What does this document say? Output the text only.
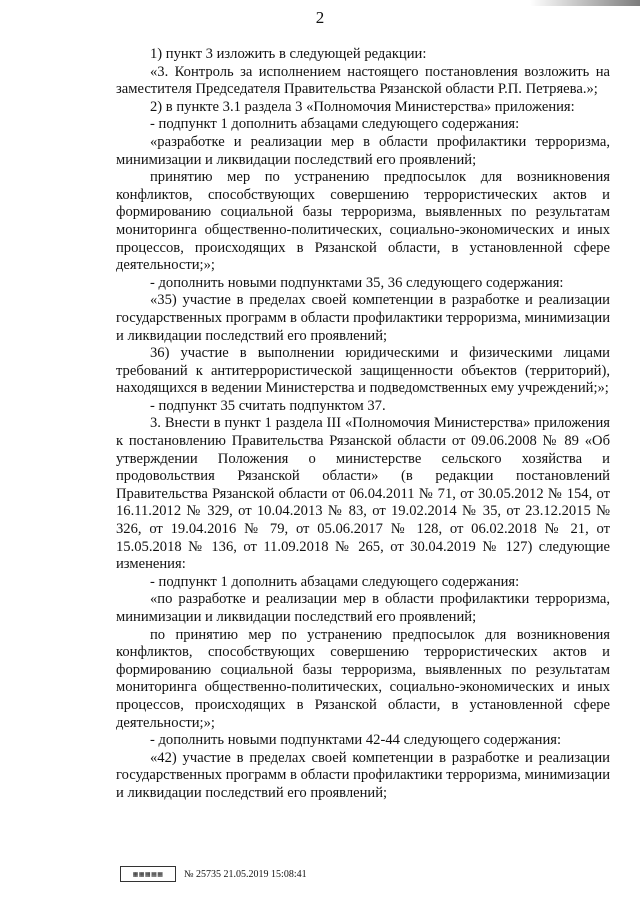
2

1) пункт 3 изложить в следующей редакции:

«3. Контроль за исполнением настоящего постановления возложить на заместителя Председателя Правительства Рязанской области Р.П. Петряева.»;

2) в пункте 3.1 раздела 3 «Полномочия Министерства» приложения:

- подпункт 1 дополнить абзацами следующего содержания:

«разработке и реализации мер в области профилактики терроризма, минимизации и ликвидации последствий его проявлений;

принятию мер по устранению предпосылок для возникновения конфликтов, способствующих совершению террористических актов и формированию социальной базы терроризма, выявленных по результатам мониторинга общественно-политических, социально-экономических и иных процессов, происходящих в Рязанской области, в установленной сфере деятельности;»;

- дополнить новыми подпунктами 35, 36 следующего содержания:

«35) участие в пределах своей компетенции в разработке и реализации государственных программ в области профилактики терроризма, минимизации и ликвидации последствий его проявлений;

36) участие в выполнении юридическими и физическими лицами требований к антитеррористической защищенности объектов (территорий), находящихся в ведении Министерства и подведомственных ему учреждений;»;

- подпункт 35 считать подпунктом 37.

3. Внести в пункт 1 раздела III «Полномочия Министерства» приложения к постановлению Правительства Рязанской области от 09.06.2008 № 89 «Об утверждении Положения о министерстве сельского хозяйства и продовольствия Рязанской области» (в редакции постановлений Правительства Рязанской области от 06.04.2011 № 71, от 30.05.2012 № 154, от 16.11.2012 № 329, от 10.04.2013 № 83, от 19.02.2014 № 35, от 23.12.2015 № 326, от 19.04.2016 № 79, от 05.06.2017 № 128, от 06.02.2018 № 21, от 15.05.2018 № 136, от 11.09.2018 № 265, от 30.04.2019 № 127) следующие изменения:

- подпункт 1 дополнить абзацами следующего содержания:

«по разработке и реализации мер в области профилактики терроризма, минимизации и ликвидации последствий его проявлений;

по принятию мер по устранению предпосылок для возникновения конфликтов, способствующих совершению террористических актов и формированию социальной базы терроризма, выявленных по результатам мониторинга общественно-политических, социально-экономических и иных процессов, происходящих в Рязанской области, в установленной сфере деятельности;»;

- дополнить новыми подпунктами 42-44 следующего содержания:

«42) участие в пределах своей компетенции в разработке и реализации государственных программ в области профилактики терроризма, минимизации и ликвидации последствий его проявлений;

▦▦▦▦▦	№ 25735 21.05.2019 15:08:41
